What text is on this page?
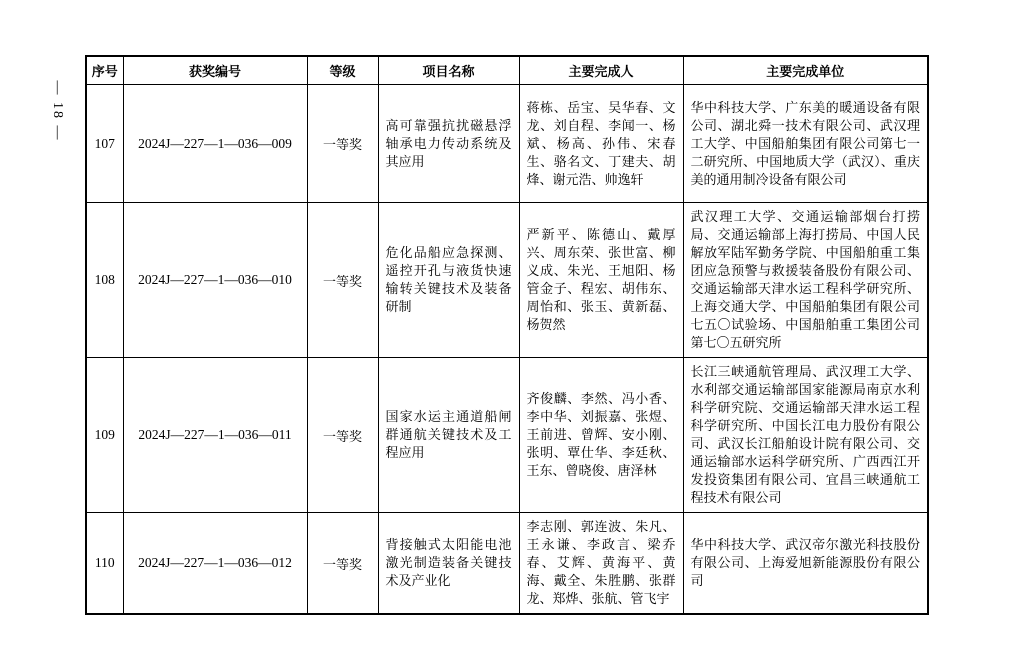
— 18 —
序号	获奖编号	等级	项目名称	主要完成人	主要完成单位
107	2024J—227—1—036—009	一等奖	高可靠强抗扰磁悬浮轴承电力传动系统及其应用	蒋栋、岳宝、吴华春、文龙、刘自程、李闻一、杨斌、杨高、孙伟、宋春生、骆名文、丁建夫、胡烽、谢元浩、帅逸轩	华中科技大学、广东美的暖通设备有限公司、湖北舜一技术有限公司、武汉理工大学、中国船舶集团有限公司第七一二研究所、中国地质大学（武汉）、重庆美的通用制冷设备有限公司
108	2024J—227—1—036—010	一等奖	危化品船应急探测、遥控开孔与液货快速输转关键技术及装备研制	严新平、陈德山、戴厚兴、周东荣、张世富、柳义成、朱光、王旭阳、杨管金子、程宏、胡伟东、周怡和、张玉、黄新磊、杨贺然	武汉理工大学、交通运输部烟台打捞局、交通运输部上海打捞局、中国人民解放军陆军勤务学院、中国船舶重工集团应急预警与救援装备股份有限公司、交通运输部天津水运工程科学研究所、上海交通大学、中国船舶集团有限公司七五〇试验场、中国船舶重工集团公司第七〇五研究所
109	2024J—227—1—036—011	一等奖	国家水运主通道船闸群通航关键技术及工程应用	齐俊麟、李然、冯小香、李中华、刘振嘉、张煜、王前进、曾辉、安小刚、张明、覃仕华、李廷秋、王东、曾晓俊、唐泽林	长江三峡通航管理局、武汉理工大学、水利部交通运输部国家能源局南京水利科学研究院、交通运输部天津水运工程科学研究所、中国长江电力股份有限公司、武汉长江船舶设计院有限公司、交通运输部水运科学研究所、广西西江开发投资集团有限公司、宜昌三峡通航工程技术有限公司
110	2024J—227—1—036—012	一等奖	背接触式太阳能电池激光制造装备关键技术及产业化	李志刚、郭连波、朱凡、王永谦、李政言、梁乔春、艾辉、黄海平、黄海、戴全、朱胜鹏、张群龙、郑烨、张航、管飞宇	华中科技大学、武汉帝尔激光科技股份有限公司、上海爱旭新能源股份有限公司
